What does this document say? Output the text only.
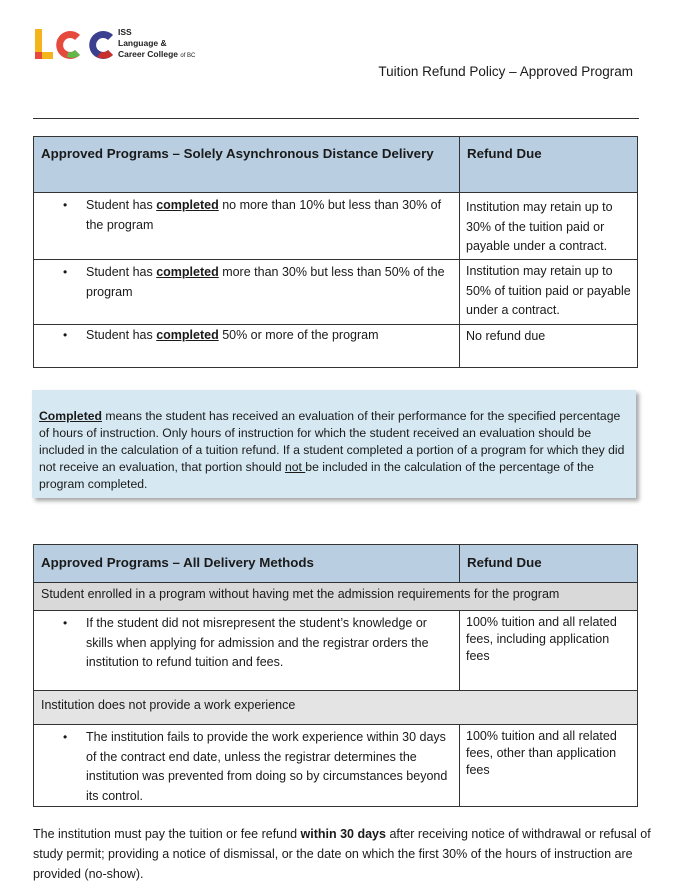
ISS
Language &
Career College of BC
Tuition Refund Policy – Approved Program
Approved Programs – Solely Asynchronous Distance Delivery	Refund Due

• Student has completed no more than 10% but less than 30% of the program	Institution may retain up to 30% of the tuition paid or payable under a contract.

• Student has completed more than 30% but less than 50% of the program	Institution may retain up to 50% of tuition paid or payable under a contract.

• Student has completed 50% or more of the program	No refund due
Completed means the student has received an evaluation of their performance for the specified percentage of hours of instruction. Only hours of instruction for which the student received an evaluation should be included in the calculation of a tuition refund. If a student completed a portion of a program for which they did not receive an evaluation, that portion should not be included in the calculation of the percentage of the program completed.
Approved Programs – All Delivery Methods	Refund Due
Student enrolled in a program without having met the admission requirements for the program	

• If the student did not misrepresent the student’s knowledge or skills when applying for admission and the registrar orders the institution to refund tuition and fees.	100% tuition and all related fees, including application fees
Institution does not provide a work experience	

• The institution fails to provide the work experience within 30 days of the contract end date, unless the registrar determines the institution was prevented from doing so by circumstances beyond its control.	100% tuition and all related fees, other than application fees
The institution must pay the tuition or fee refund within 30 days after receiving notice of withdrawal or refusal of study permit; providing a notice of dismissal, or the date on which the first 30% of the hours of instruction are provided (no-show).
